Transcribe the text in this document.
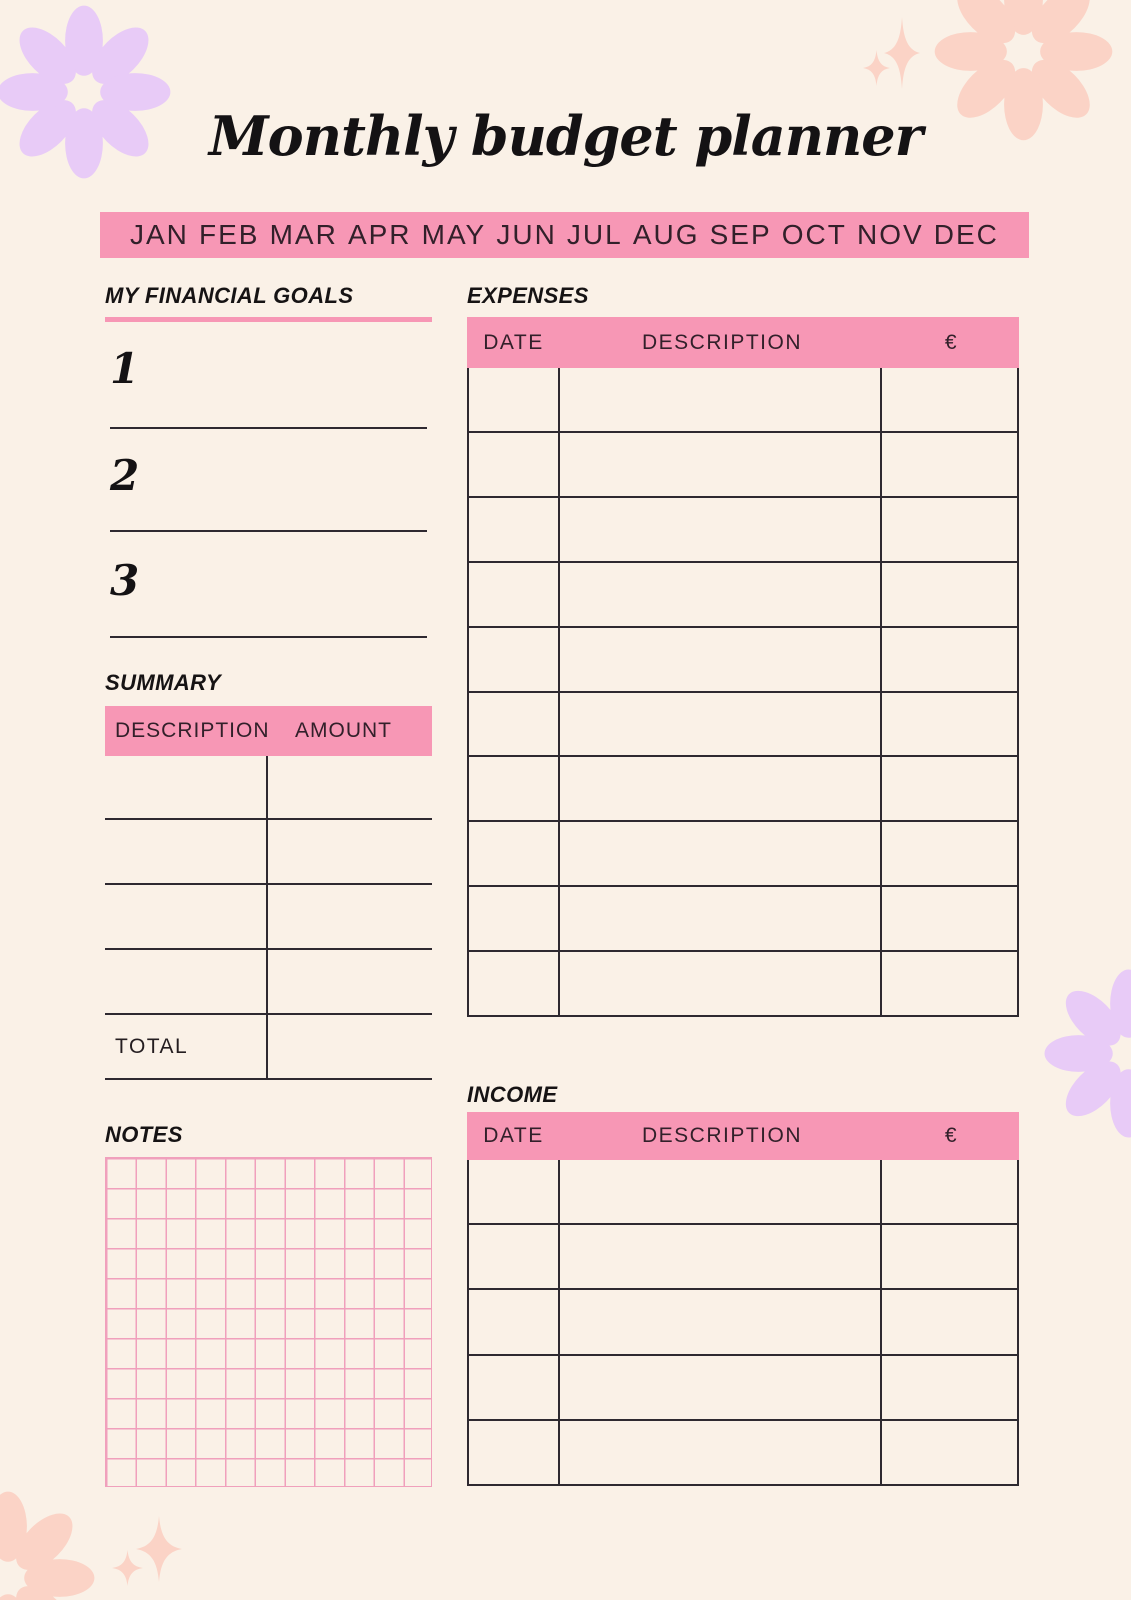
Monthly budget planner
JAN FEB MAR APR MAY JUN JUL AUG SEP OCT NOV DEC
MY FINANCIAL GOALS
1
2
3
SUMMARY
DESCRIPTION AMOUNT
TOTAL
NOTES
EXPENSES
DATE	DESCRIPTION	€
INCOME
DATE	DESCRIPTION	€
